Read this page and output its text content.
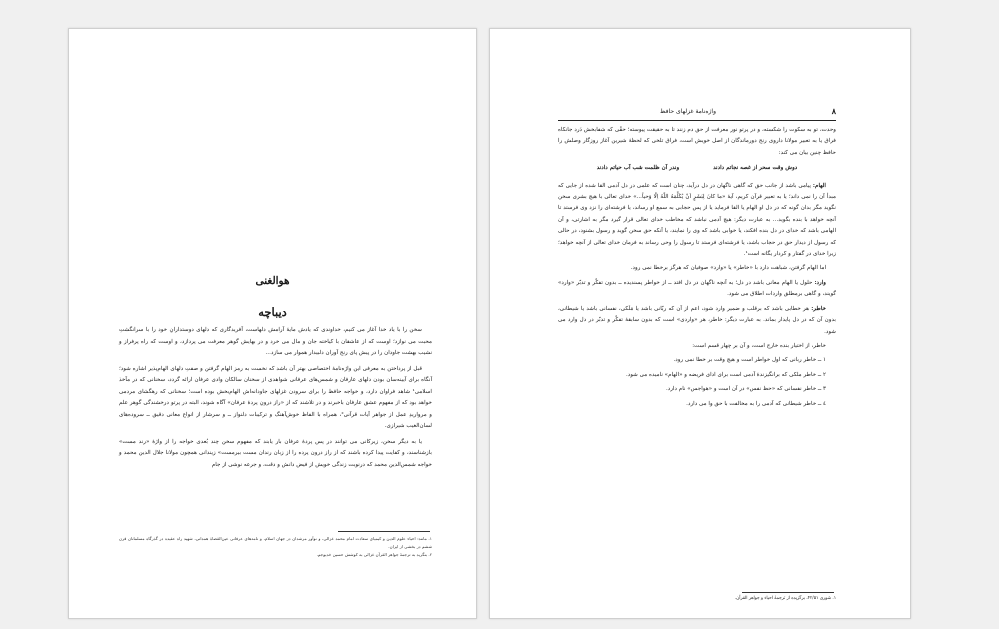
هوالغنی
دیباچه

سخن را با یاد خدا آغاز می کنیم، خداوندی که یادش مایهٔ آرامش دلهاست، آفریدگاری که دلهای دوستدارانِ خود را با سرانگشتِ محبت می نوازد؛ اوست که از عاشقان با کیاخته جان و مال می خرد و در بهایش گوهر معرفت می پردازد، و اوست که راه پرفراز و نشیب بهشت جاودان را در پیش پای رنج آوران دلبیدار هموار می سازد…

قبل از پرداختن به معرفی این واژه‌نامهٔ اختصاصی بهتر آن باشد که نخست به رمز الهام گرفتن و صفتِ دلهای الهام‌پذیر اشاره شود؛ آنگاه برای آیینه‌سان بودن دلهای عارفان و شمس‌های عرفانی شواهدی از سخنان سالکان وادی عرفان ارائه گردد، سخنانی که در مآخذ اسلامی¹ شاهد فراوان دارد، و خواجه حافظ را برای سرودن غزلهای جاودانه‌اش الهام‌بخش بوده است؛ سخنانی که رهگشای مردمی خواهد بود که از مفهوم عشق عارفان باخبرند و در تلاشند که از «راز درونِ پردهٔ عرفان» آگاه شوند، البته در پرتو درخشندگی گوهر علم و مرواریدِ عمل از جواهر آیات قرآنی²، همراه با الفاظ خوش‌آهنگ و ترکیبات دلنواز ــ و سرشار از انواع معانی دقیق ــ سروده‌های لسان‌الغیب شیرازی.

یا به دیگر سخن، زیرکانی می توانند در پس پردهٔ عرفان بار یابند که مفهوم سخن چند بُعدی خواجه را از واژهٔ «رند مست» بازشناسند، و کفایت پیدا کرده باشند که از راز درون پرده را از زبان رندان مست بیرمست» زیندانی همچون مولانا جلال الدین محمد و خواجه شمس‌الدین محمد که درنوبت زندگی خویش از فیض دانش و دقت، و جرعه نوشی از جام

۱. مانند: احیاء علوم الدین و کیمیای سعادت امام محمد غزالی، و نوآور مرشدان در جهان اسلام، و نامه‌های عرفانی عین‌القضاة همدانی، شهید راه عقیده در گذرگاه مسلمانان قرن ششم در بخشی از ایران.
۲. بنگرید به ترجمهٔ جواهر القرآن غزالی به کوشش حسین خدیوجم.
۸
واژه‌نامهٔ غزلهای حافظ

وحدت، تو به سکوت را شکسته، و در پرتو نور معرفت از حق دم زنند تا به حقیقت پیوسته؛ حقّی که شفابخش دَرد جانکاه فراق یا به تعبیر مولانا داروی رنج دورماندگان از اصل خویش است، فراق تلخی که لحظهٔ شیرین آغاز روزگار وصلش را حافظ چنین بیان می کند:

دوش وقت سحر از غصه نجاتم دادند وندر آن ظلمت شب آب حیاتم دادند

الهام: پیامی باشد از جانب حق که گاهی ناگهان در دل درآید، چنان است که علمی در دل آدمی القا شده از جایی که مبدأ آن را نمی داند؛ یا به تعبیر قرآن کریم، آیهٔ «ما کانَ لِبَشَرٍ اَنْ یُکَلِّمَهُ اللّهُ اِلّا وَحیاً...» خدای تعالی با هیچ بشری سخن نگوید مگر بدان گونه که در دل او الهام یا القا فرماید یا از پس حجابی به سمع او رساند، یا فرشته‌ای را نزد وی فرستد تا آنچه خواهد با بنده بگوید… به عبارت دیگر: هیچ آدمی نباشد که مخاطب خدای تعالی قرار گیرد مگر به اشارتی، و آن الهامی باشد که خدای در دل بنده افکند، یا خوابی باشد که وی را نمایند، یا آنکه حق سخن گوید و رسول بشنود، در حالی که رسول از دیدار حق در حجاب باشد، یا فرشته‌ای فرستد تا رسول را وحی رساند به فرمان خدای تعالی از آنچه خواهد؛ زیرا خدای در گفتار و کردار یگانه است¹.

اما الهام گرفتن، شباهت دارد با «خاطر» یا «وارد» صوفیان که هرگز برخطا نمی رود.

وارد: حلول یا الهام معانی باشد در دل؛ به آنچه ناگهان در دل افتد ــ از خواطر پسندیده ــ بدون تفکّر و تدبّر «وارد» گویند، و گاهی برمطلق واردات اطلاق می شود.

خاطر: هر خطابی باشد که برقلب و ضمیر وارد شود، اعم از آن که ربّانی باشد یا مَلَکی، نفسانی باشد یا شیطانی، بدون آن که در دل پایدار بماند. به عبارت دیگر: خاطر، هر «واردی» است که بدون سابقهٔ تفکّر و تدبّر در دل وارد می شود.

خاطر، از اختیار بنده خارج است، و آن بر چهار قسم است:

۱ ــ خاطر ربانی که اول خواطر است و هیچ وقت بر خطا نمی رود.

۲ ــ خاطر ملکی که برانگیزندهٔ آدمی است برای ادای فریضه و «الهام» نامیده می شود.

۳ ــ خاطر نفسانی که «حظ نفس» در آن است و «هواجس» نام دارد.

٤ ــ خاطر شیطانی که آدمی را به مخالفت با حق وا می دارد.

۱. شوری ۴۲/۵۱، برگزیده از ترجمهٔ احیاء و جواهر القرآن.
